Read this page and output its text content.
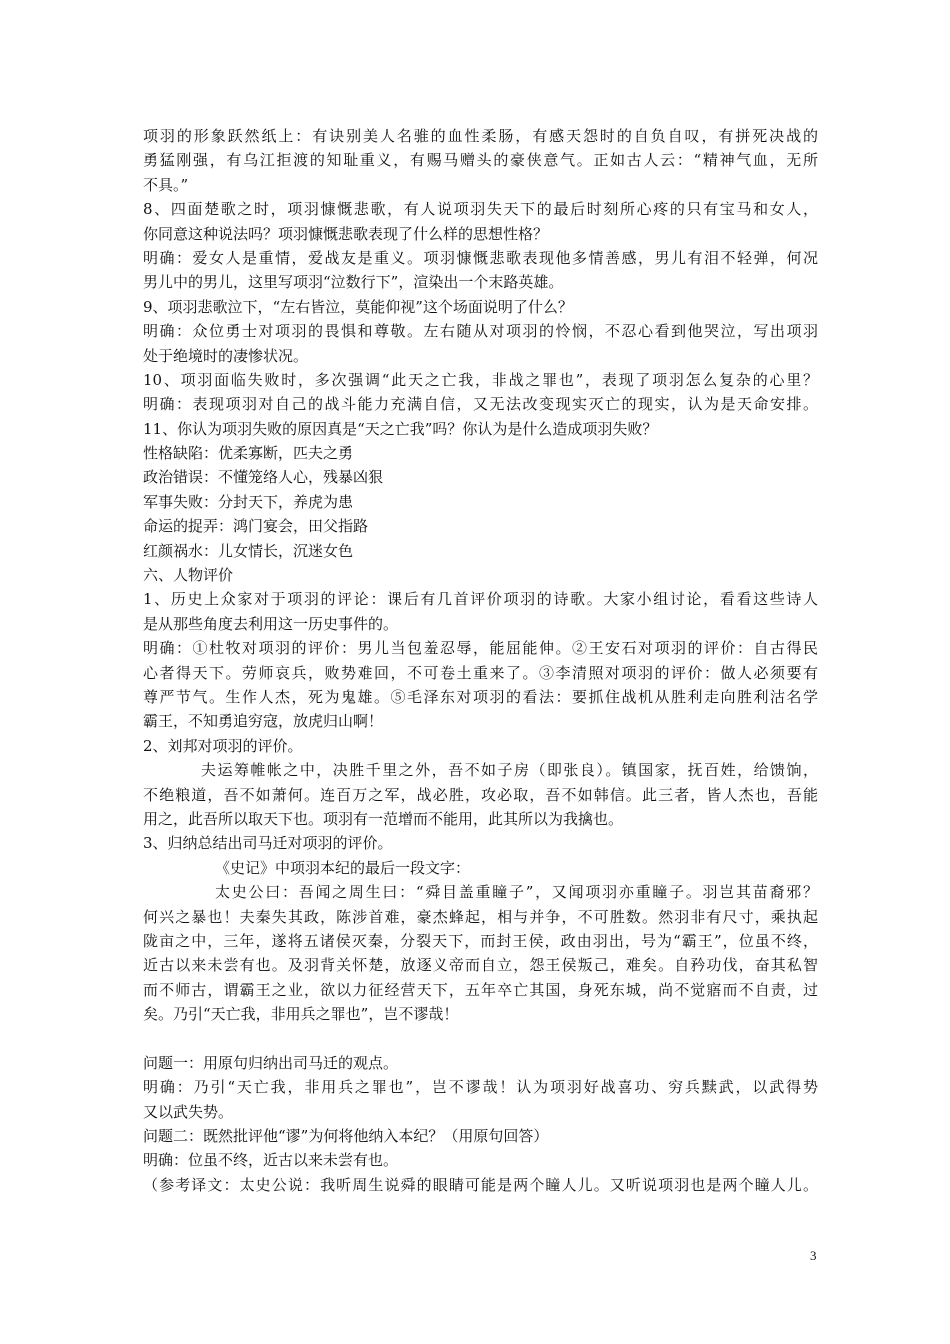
项羽的形象跃然纸上：有诀别美人名骓的血性柔肠，有感天怨时的自负自叹，有拼死决战的
勇猛刚强，有乌江拒渡的知耻重义，有赐马赠头的豪侠意气。正如古人云：“精神气血，无所
不具。”
8、四面楚歌之时，项羽慷慨悲歌，有人说项羽失天下的最后时刻所心疼的只有宝马和女人，
你同意这种说法吗？项羽慷慨悲歌表现了什么样的思想性格？
明确：爱女人是重情，爱战友是重义。项羽慷慨悲歌表现他多情善感，男儿有泪不轻弹，何况
男儿中的男儿，这里写项羽“泣数行下”，渲染出一个末路英雄。
9、项羽悲歌泣下，“左右皆泣，莫能仰视”这个场面说明了什么？
明确：众位勇士对项羽的畏惧和尊敬。左右随从对项羽的怜悯，不忍心看到他哭泣，写出项羽
处于绝境时的凄惨状况。
10、项羽面临失败时，多次强调“此天之亡我，非战之罪也”，表现了项羽怎么复杂的心里？
明确：表现项羽对自己的战斗能力充满自信，又无法改变现实灭亡的现实，认为是天命安排。
11、你认为项羽失败的原因真是“天之亡我”吗？你认为是什么造成项羽失败？
性格缺陷：优柔寡断，匹夫之勇
政治错误：不懂笼络人心，残暴凶狠
军事失败：分封天下，养虎为患
命运的捉弄：鸿门宴会，田父指路
红颜祸水：儿女情长，沉迷女色
六、人物评价
1、历史上众家对于项羽的评论：课后有几首评价项羽的诗歌。大家小组讨论，看看这些诗人
是从那些角度去利用这一历史事件的。
明确：①杜牧对项羽的评价：男儿当包羞忍辱，能屈能伸。②王安石对项羽的评价：自古得民
心者得天下。劳师哀兵，败势难回，不可卷土重来了。③李清照对项羽的评价：做人必须要有
尊严节气。生作人杰，死为鬼雄。⑤毛泽东对项羽的看法：要抓住战机从胜利走向胜利沽名学
霸王，不知勇追穷寇，放虎归山啊！
2、刘邦对项羽的评价。
夫运筹帷帐之中，决胜千里之外，吾不如子房（即张良）。镇国家，抚百姓，给馈饷，
不绝粮道，吾不如萧何。连百万之军，战必胜，攻必取，吾不如韩信。此三者，皆人杰也，吾能
用之，此吾所以取天下也。项羽有一范增而不能用，此其所以为我擒也。
3、归纳总结出司马迁对项羽的评价。
《史记》中项羽本纪的最后一段文字：
太史公曰：吾闻之周生曰：“舜目盖重瞳子”，又闻项羽亦重瞳子。羽岂其苗裔邪？
何兴之暴也！夫秦失其政，陈涉首难，豪杰蜂起，相与并争，不可胜数。然羽非有尺寸，乘执起
陇亩之中，三年，遂将五诸侯灭秦，分裂天下，而封王侯，政由羽出，号为“霸王”，位虽不终，
近古以来未尝有也。及羽背关怀楚，放逐义帝而自立，怨王侯叛己，难矣。自矜功伐，奋其私智
而不师古，谓霸王之业，欲以力征经营天下，五年卒亡其国，身死东城，尚不觉寤而不自责，过
矣。乃引“天亡我，非用兵之罪也”，岂不谬哉！
问题一：用原句归纳出司马迁的观点。
明确：乃引“天亡我，非用兵之罪也”，岂不谬哉！认为项羽好战喜功、穷兵黩武，以武得势
又以武失势。
问题二：既然批评他“谬”为何将他纳入本纪？（用原句回答）
明确：位虽不终，近古以来未尝有也。
（参考译文：太史公说：我听周生说舜的眼睛可能是两个瞳人儿。又听说项羽也是两个瞳人儿。
3
